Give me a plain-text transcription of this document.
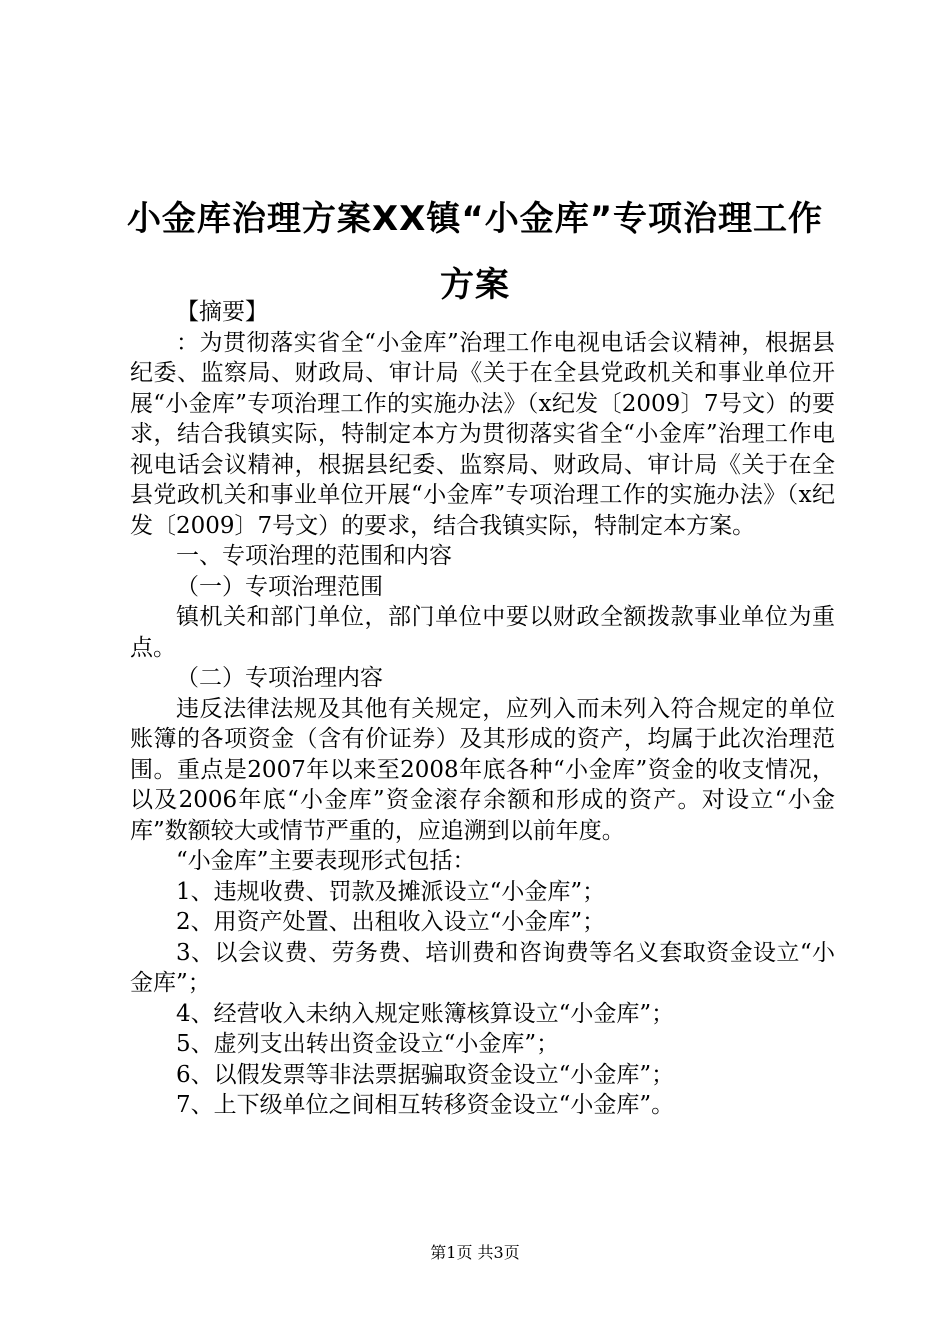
小金库治理方案XX镇“小金库”专项治理工作方案

【摘要】

：为贯彻落实省全“小金库”治理工作电视电话会议精神，根据县纪委、监察局、财政局、审计局《关于在全县党政机关和事业单位开展“小金库”专项治理工作的实施办法》（x纪发〔2009〕7号文）的要求，结合我镇实际，特制定本方为贯彻落实省全“小金库”治理工作电视电话会议精神，根据县纪委、监察局、财政局、审计局《关于在全县党政机关和事业单位开展“小金库”专项治理工作的实施办法》（x纪发〔2009〕7号文）的要求，结合我镇实际，特制定本方案。

一、专项治理的范围和内容

（一）专项治理范围

镇机关和部门单位，部门单位中要以财政全额拨款事业单位为重点。

（二）专项治理内容

违反法律法规及其他有关规定，应列入而未列入符合规定的单位账簿的各项资金（含有价证券）及其形成的资产，均属于此次治理范围。重点是2007年以来至2008年底各种“小金库”资金的收支情况，以及2006年底“小金库”资金滚存余额和形成的资产。对设立“小金库”数额较大或情节严重的，应追溯到以前年度。

“小金库”主要表现形式包括：

1、违规收费、罚款及摊派设立“小金库”；

2、用资产处置、出租收入设立“小金库”；

3、以会议费、劳务费、培训费和咨询费等名义套取资金设立“小金库”；

4、经营收入未纳入规定账簿核算设立“小金库”；

5、虚列支出转出资金设立“小金库”；

6、以假发票等非法票据骗取资金设立“小金库”；

7、上下级单位之间相互转移资金设立“小金库”。

第1页 共3页
